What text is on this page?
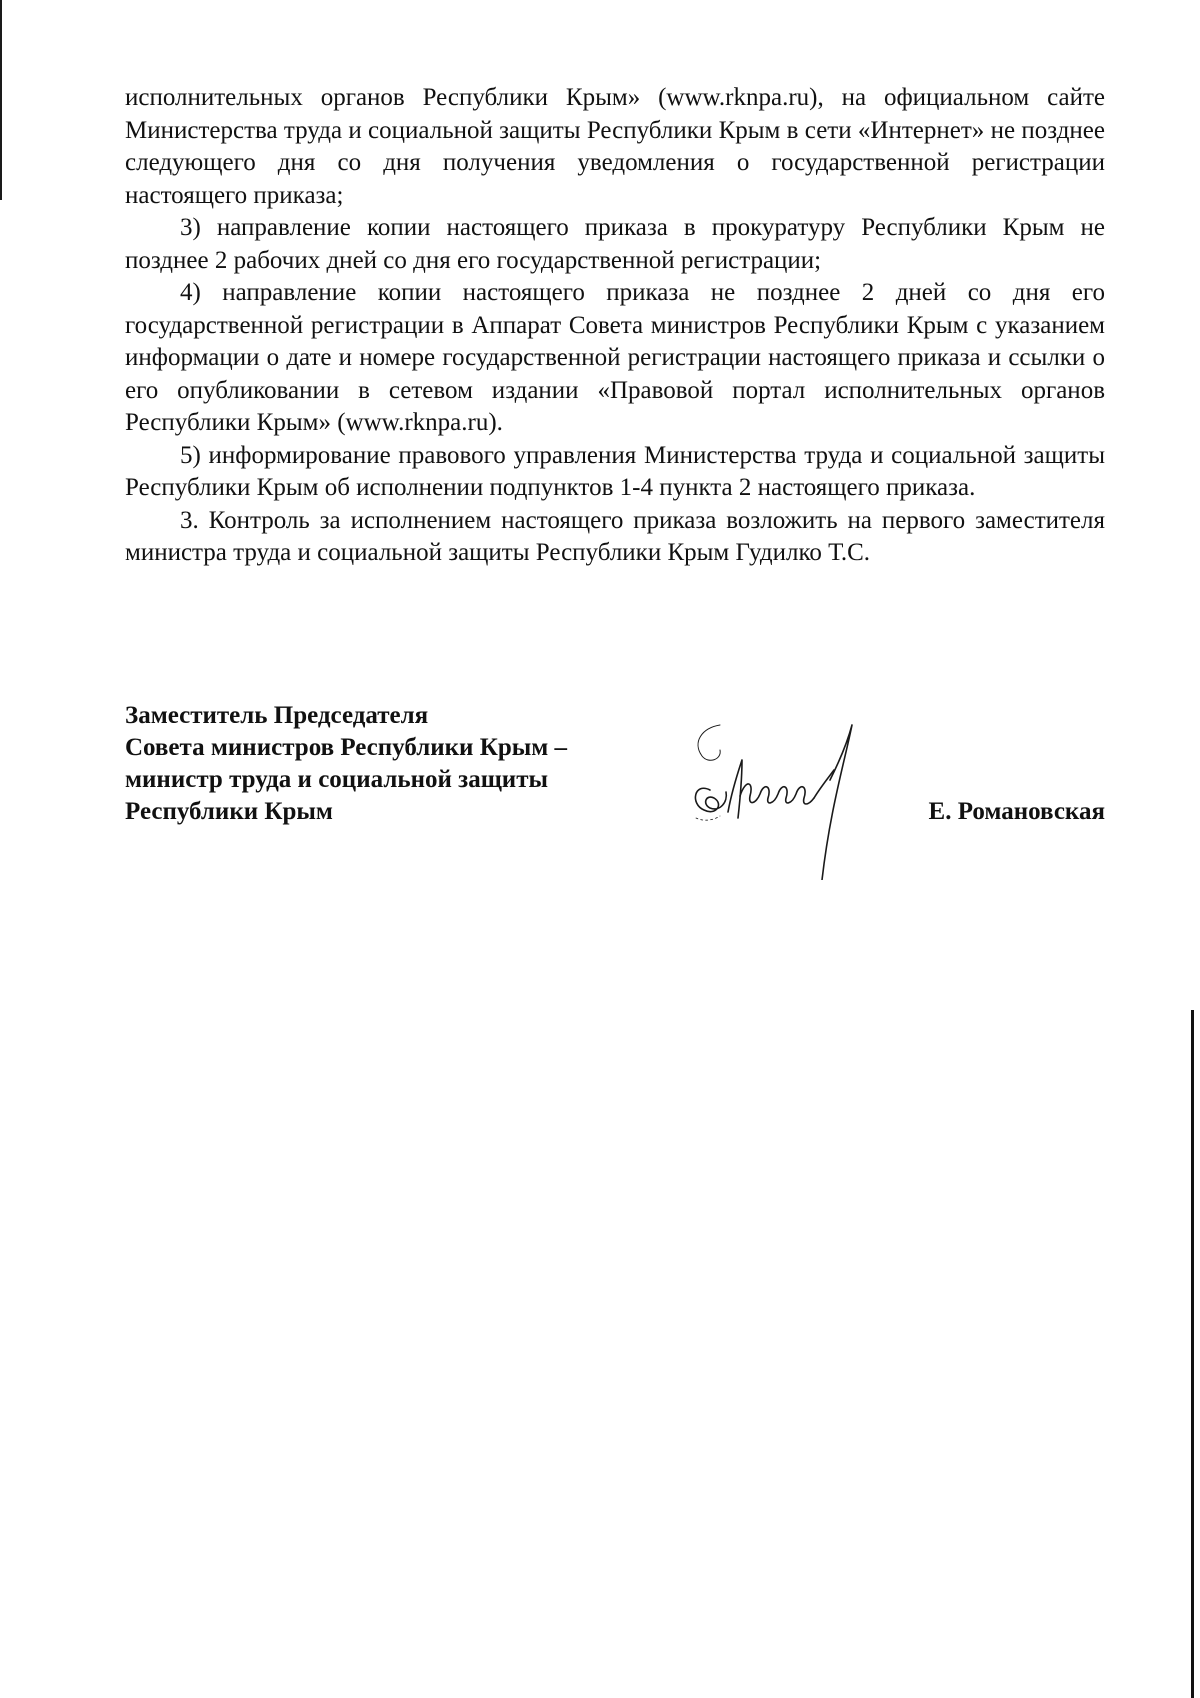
исполнительных органов Республики Крым» (www.rknpa.ru), на официальном сайте Министерства труда и социальной защиты Республики Крым в сети «Интернет» не позднее следующего дня со дня получения уведомления о государственной регистрации настоящего приказа;

3) направление копии настоящего приказа в прокуратуру Республики Крым не позднее 2 рабочих дней со дня его государственной регистрации;

4) направление копии настоящего приказа не позднее 2 дней со дня его государственной регистрации в Аппарат Совета министров Республики Крым с указанием информации о дате и номере государственной регистрации настоящего приказа и ссылки о его опубликовании в сетевом издании «Правовой портал исполнительных органов Республики Крым» (www.rknpa.ru).

5) информирование правового управления Министерства труда и социальной защиты Республики Крым об исполнении подпунктов 1-4 пункта 2 настоящего приказа.

3. Контроль за исполнением настоящего приказа возложить на первого заместителя министра труда и социальной защиты Республики Крым Гудилко Т.С.

Заместитель Председателя
Совета министров Республики Крым –
министр труда и социальной защиты
Республики Крым	Е. Романовская
